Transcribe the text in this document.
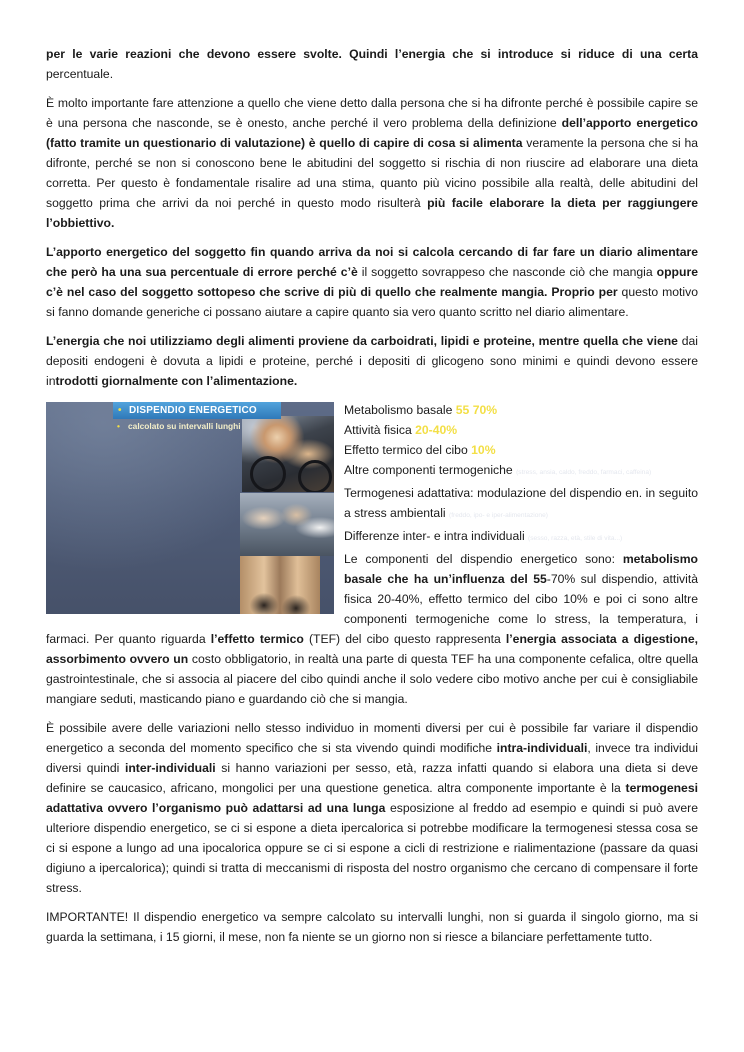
per le varie reazioni che devono essere svolte. Quindi l’energia che si introduce si riduce di una certa percentuale.

È molto importante fare attenzione a quello che viene detto dalla persona che si ha difronte perché è possibile capire se è una persona che nasconde, se è onesto, anche perché il vero problema della definizione dell’apporto energetico (fatto tramite un questionario di valutazione) è quello di capire di cosa si alimenta veramente la persona che si ha difronte, perché se non si conoscono bene le abitudini del soggetto si rischia di non riuscire ad elaborare una dieta corretta. Per questo è fondamentale risalire ad una stima, quanto più vicino possibile alla realtà, delle abitudini del soggetto prima che arrivi da noi perché in questo modo risulterà più facile elaborare la dieta per raggiungere l’obbiettivo.

L’apporto energetico del soggetto fin quando arriva da noi si calcola cercando di far fare un diario alimentare che però ha una sua percentuale di errore perché c’è il soggetto sovrappeso che nasconde ciò che mangia oppure c’è nel caso del soggetto sottopeso che scrive di più di quello che realmente mangia. Proprio per questo motivo si fanno domande generiche ci possano aiutare a capire quanto sia vero quanto scritto nel diario alimentare.

L’energia che noi utilizziamo degli alimenti proviene da carboidrati, lipidi e proteine, mentre quella che viene dai depositi endogeni è dovuta a lipidi e proteine, perché i depositi di glicogeno sono minimi e quindi devono essere introdotti giornalmente con l’alimentazione.

• DISPENDIO ENERGETICO
• calcolato su intervalli lunghi

• Metabolismo basale 55 70%
• Attività fisica 20-40%
• Effetto termico del cibo 10%
• Altre componenti termogeniche (stress, ansia, caldo, freddo, farmaci, caffeina)
• Termogenesi adattativa: modulazione del dispendio en. in seguito a stress ambientali (freddo, ipo- e iper-alimentazione)
• Differenze inter- e intra individuali (sesso, razza, età, stile di vita...)
Le componenti del dispendio energetico sono: metabolismo basale che ha un’influenza del 55-70% sul dispendio, attività fisica 20-40%, effetto termico del cibo 10% e poi ci sono altre componenti termogeniche come lo stress, la temperatura, i farmaci. Per quanto riguarda l’effetto termico (TEF) del cibo questo rappresenta l’energia associata a digestione, assorbimento ovvero un costo obbligatorio, in realtà una parte di questa TEF ha una componente cefalica, oltre quella gastrointestinale, che si associa al piacere del cibo quindi anche il solo vedere cibo motivo anche per cui è consigliabile mangiare seduti, masticando piano e guardando ciò che si mangia.

È possibile avere delle variazioni nello stesso individuo in momenti diversi per cui è possibile far variare il dispendio energetico a seconda del momento specifico che si sta vivendo quindi modifiche intra-individuali, invece tra individui diversi quindi inter-individuali si hanno variazioni per sesso, età, razza infatti quando si elabora una dieta si deve definire se caucasico, africano, mongolici per una questione genetica. altra componente importante è la termogenesi adattativa ovvero l’organismo può adattarsi ad una lunga esposizione al freddo ad esempio e quindi si può avere ulteriore dispendio energetico, se ci si espone a dieta ipercalorica si potrebbe modificare la termogenesi stessa cosa se ci si espone a lungo ad una ipocalorica oppure se ci si espone a cicli di restrizione e rialimentazione (passare da quasi digiuno a ipercalorica); quindi si tratta di meccanismi di risposta del nostro organismo che cercano di compensare il forte stress.

IMPORTANTE! Il dispendio energetico va sempre calcolato su intervalli lunghi, non si guarda il singolo giorno, ma si guarda la settimana, i 15 giorni, il mese, non fa niente se un giorno non si riesce a bilanciare perfettamente tutto.
